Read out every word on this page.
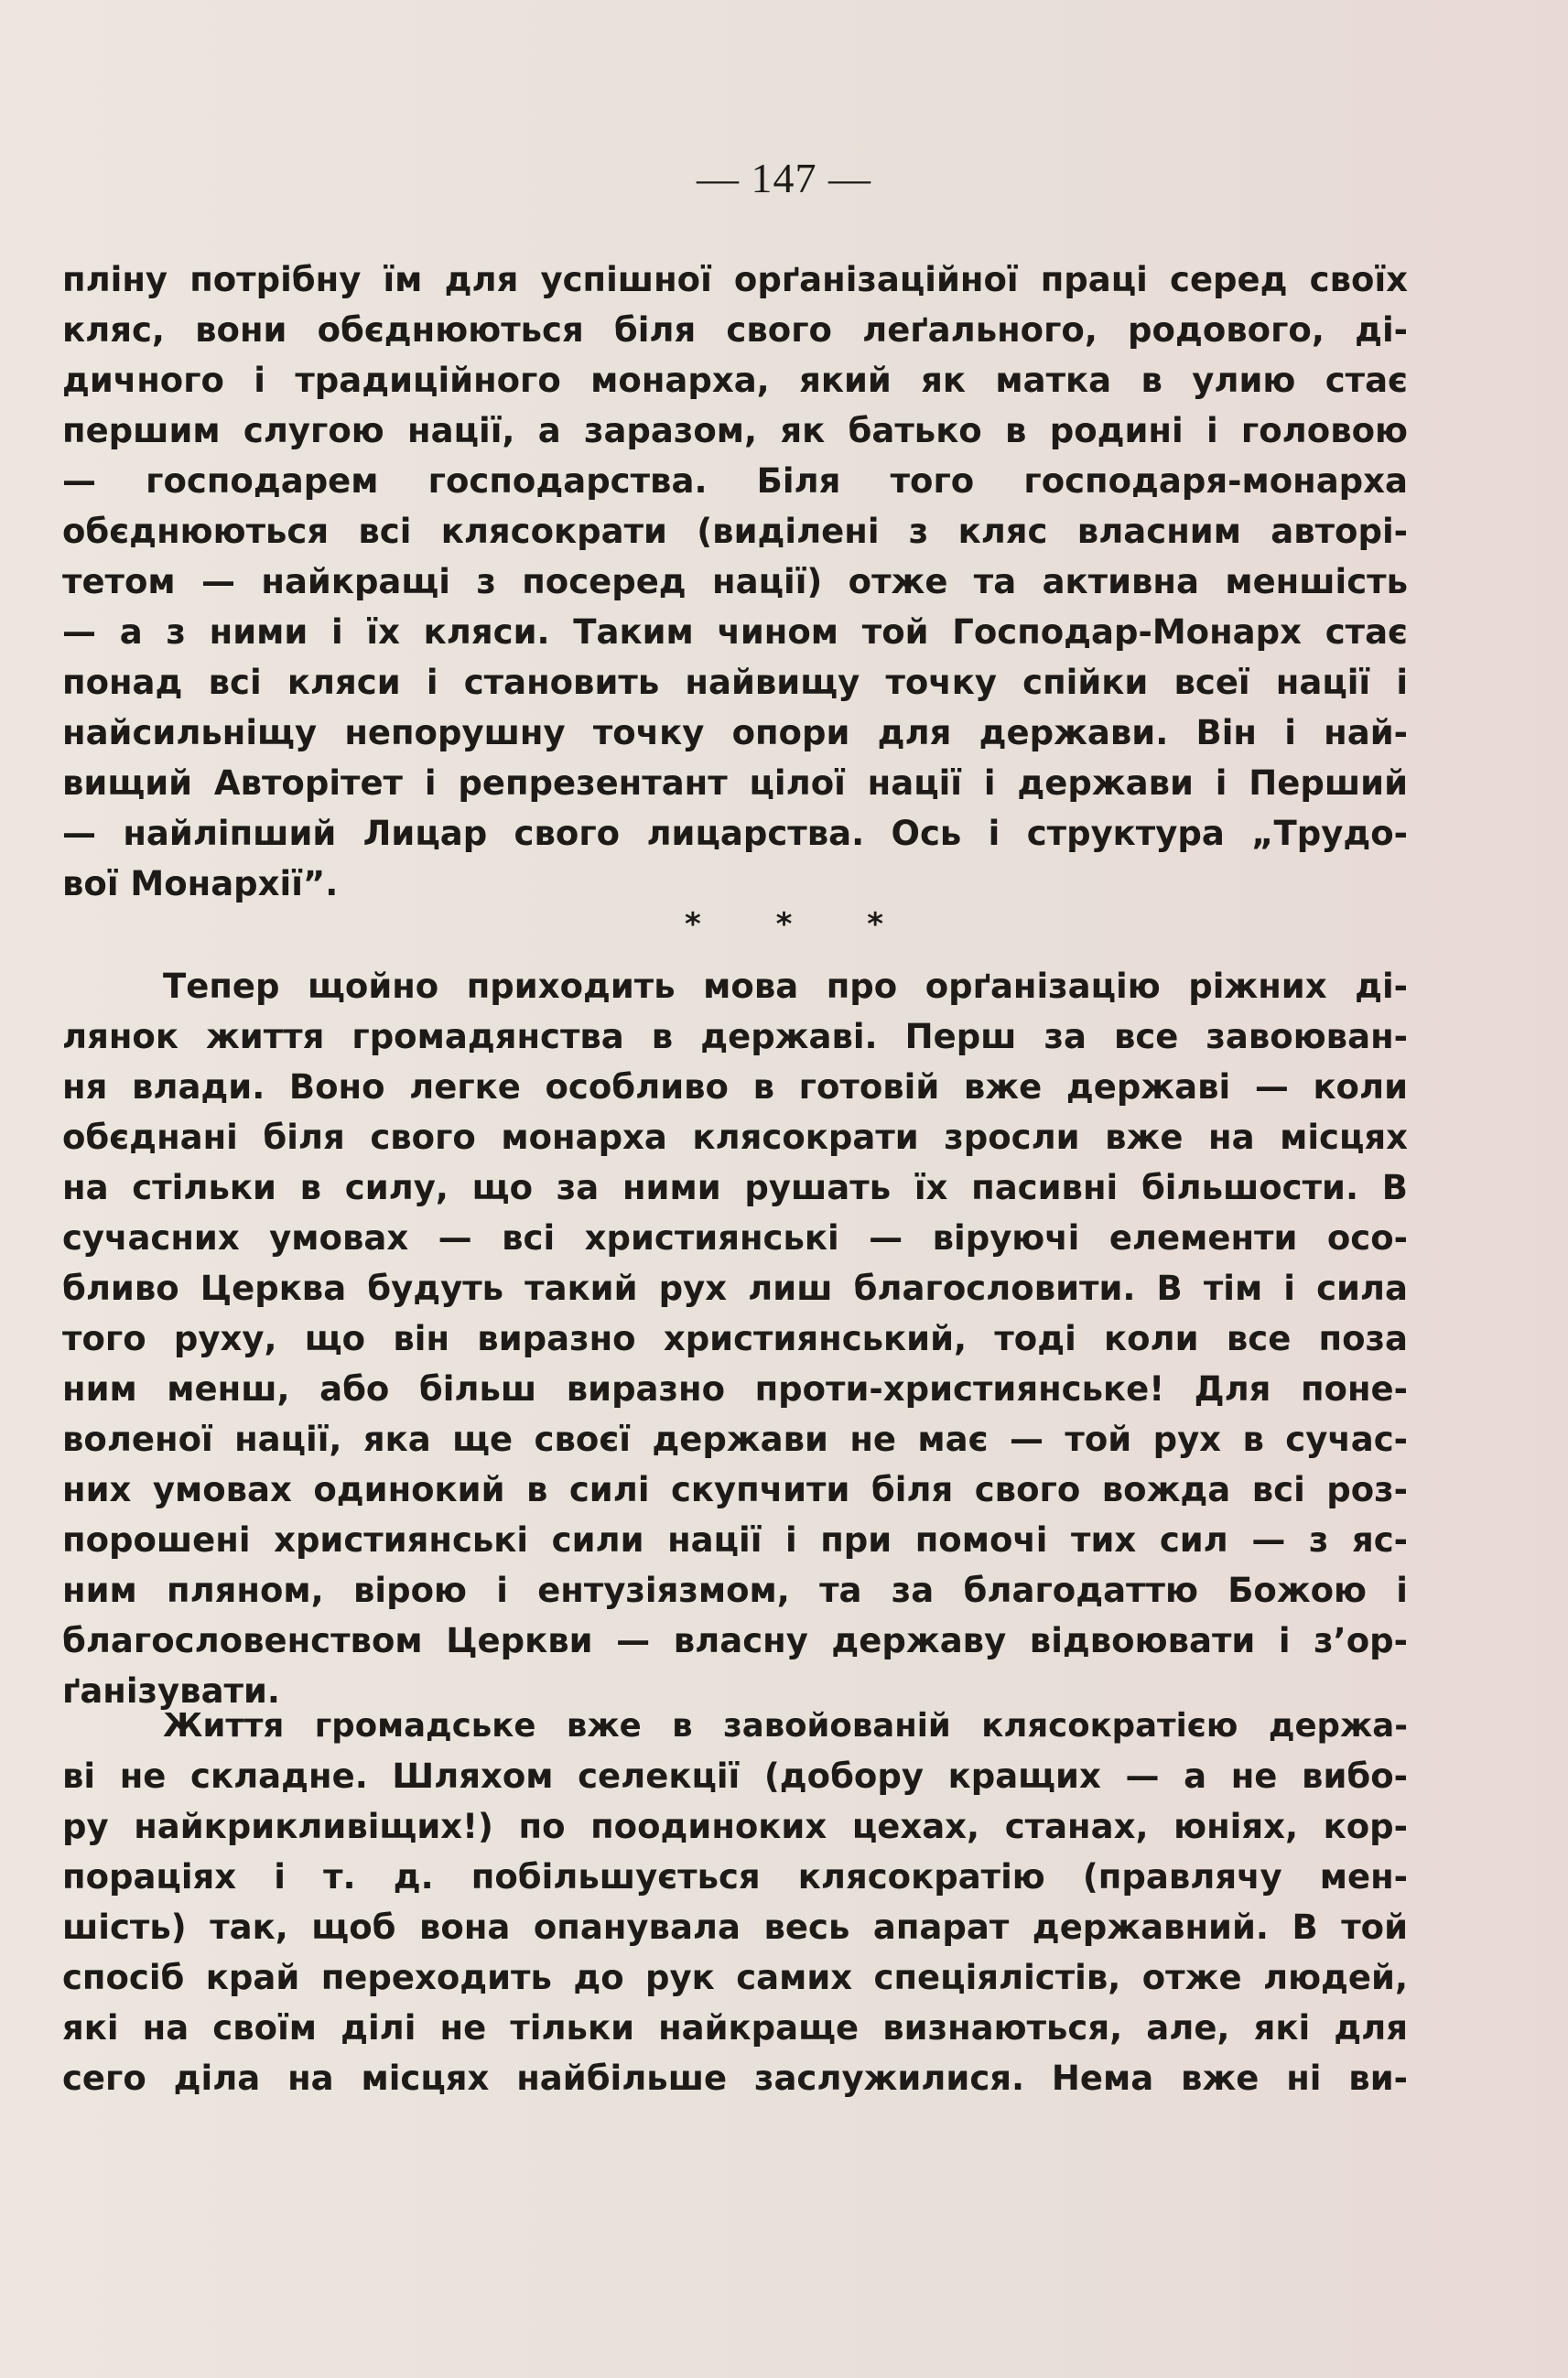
— 147 —
пліну потрібну їм для успішної орґанізаційної праці серед своїх
кляс, вони обєднюються біля свого леґального, родового, ді-
дичного і традиційного монарха, який як матка в улию стає
першим слугою нації, а заразом, як батько в родині і головою
— господарем господарства. Біля того господаря-монарха
обєднюються всі клясократи (виділені з кляс власним авторі-
тетом — найкращі з посеред нації) отже та активна меншість
— а з ними і їх кляси. Таким чином той Господар-Монарх стає
понад всі кляси і становить найвищу точку спійки всеї нації і
найсильніщу непорушну точку опори для держави. Він і най-
вищий Авторітет і репрезентант цілої нації і держави і Перший
— найліпший Лицар свого лицарства. Ось і структура „Трудо-
вої Монархії”.
* * *
Тепер щойно приходить мова про орґанізацію ріжних ді-
лянок життя громадянства в державі. Перш за все завоюван-
ня влади. Воно легке особливо в готовій вже державі — коли
обєднані біля свого монарха клясократи зросли вже на місцях
на стільки в силу, що за ними рушать їх пасивні більшости. В
сучасних умовах — всі християнські — віруючі елементи осо-
бливо Церква будуть такий рух лиш благословити. В тім і сила
того руху, що він виразно християнський, тоді коли все поза
ним менш, або більш виразно проти-християнське! Для поне-
воленої нації, яка ще своєї держави не має — той рух в сучас-
них умовах одинокий в силі скупчити біля свого вожда всі роз-
порошені християнські сили нації і при помочі тих сил — з яс-
ним пляном, вірою і ентузіязмом, та за благодаттю Божою і
благословенством Церкви — власну державу відвоювати і з’ор-
ґанізувати.
Життя громадське вже в завойованій клясократією держа-
ві не складне. Шляхом селекції (добору кращих — а не вибо-
ру найкрикливіщих!) по поодиноких цехах, станах, юніях, кор-
пораціях і т. д. побільшується клясократію (правлячу мен-
шість) так, щоб вона опанувала весь апарат державний. В той
спосіб край переходить до рук самих спеціялістів, отже людей,
які на своїм ділі не тільки найкраще визнаються, але, які для
сего діла на місцях найбільше заслужилися. Нема вже ні ви-
